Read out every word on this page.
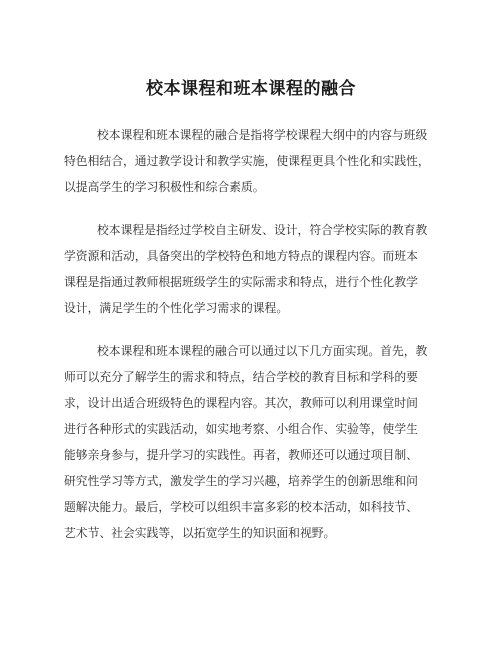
校本课程和班本课程的融合
校本课程和班本课程的融合是指将学校课程大纲中的内容与班级
特色相结合，通过教学设计和教学实施，使课程更具个性化和实践性，
以提高学生的学习积极性和综合素质。
校本课程是指经过学校自主研发、设计，符合学校实际的教育教
学资源和活动，具备突出的学校特色和地方特点的课程内容。而班本
课程是指通过教师根据班级学生的实际需求和特点，进行个性化教学
设计，满足学生的个性化学习需求的课程。
校本课程和班本课程的融合可以通过以下几方面实现。首先，教
师可以充分了解学生的需求和特点，结合学校的教育目标和学科的要
求，设计出适合班级特色的课程内容。其次，教师可以利用课堂时间
进行各种形式的实践活动，如实地考察、小组合作、实验等，使学生
能够亲身参与，提升学习的实践性。再者，教师还可以通过项目制、
研究性学习等方式，激发学生的学习兴趣，培养学生的创新思维和问
题解决能力。最后，学校可以组织丰富多彩的校本活动，如科技节、
艺术节、社会实践等，以拓宽学生的知识面和视野。
